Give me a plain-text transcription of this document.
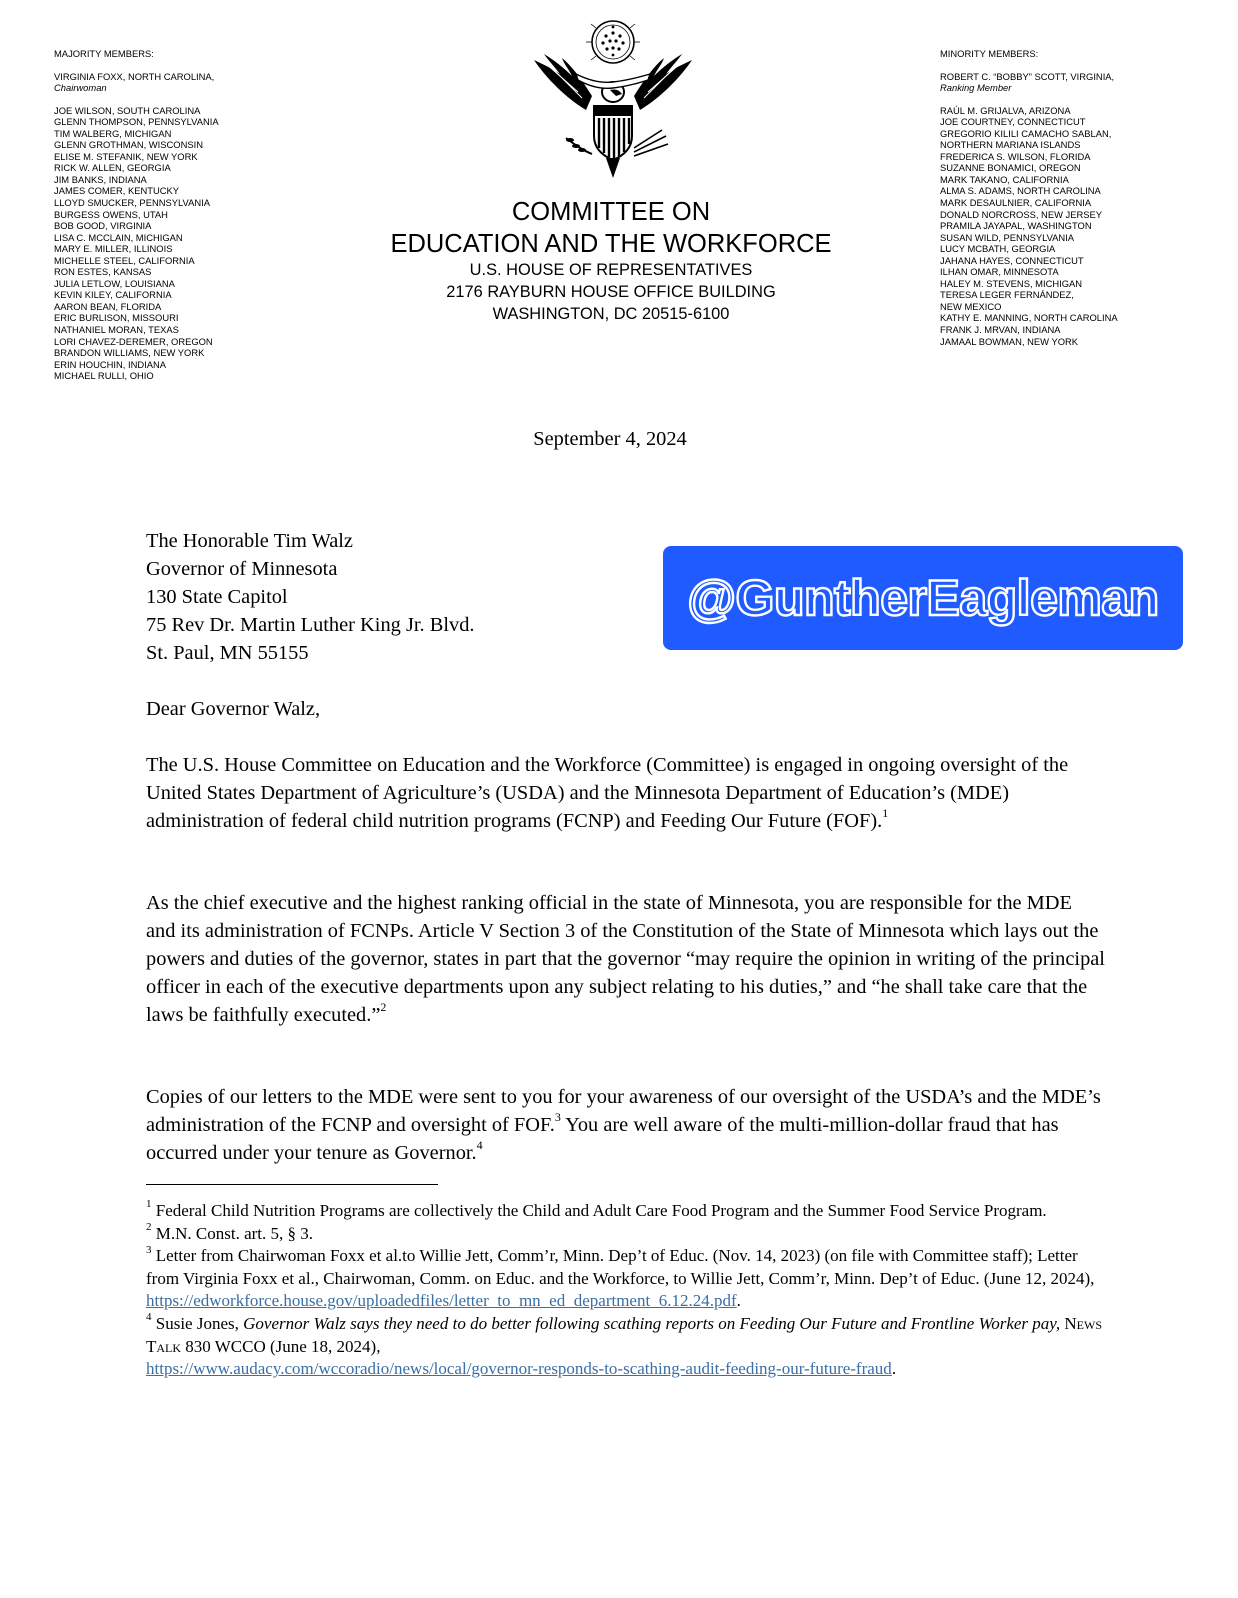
MAJORITY MEMBERS:
VIRGINIA FOXX, NORTH CAROLINA,
Chairwoman
JOE WILSON, SOUTH CAROLINA
GLENN THOMPSON, PENNSYLVANIA
TIM WALBERG, MICHIGAN
GLENN GROTHMAN, WISCONSIN
ELISE M. STEFANIK, NEW YORK
RICK W. ALLEN, GEORGIA
JIM BANKS, INDIANA
JAMES COMER, KENTUCKY
LLOYD SMUCKER, PENNSYLVANIA
BURGESS OWENS, UTAH
BOB GOOD, VIRGINIA
LISA C. MCCLAIN, MICHIGAN
MARY E. MILLER, ILLINOIS
MICHELLE STEEL, CALIFORNIA
RON ESTES, KANSAS
JULIA LETLOW, LOUISIANA
KEVIN KILEY, CALIFORNIA
AARON BEAN, FLORIDA
ERIC BURLISON, MISSOURI
NATHANIEL MORAN, TEXAS
LORI CHAVEZ-DEREMER, OREGON
BRANDON WILLIAMS, NEW YORK
ERIN HOUCHIN, INDIANA
MICHAEL RULLI, OHIO
MINORITY MEMBERS:
ROBERT C. “BOBBY” SCOTT, VIRGINIA,
Ranking Member
RAÚL M. GRIJALVA, ARIZONA
JOE COURTNEY, CONNECTICUT
GREGORIO KILILI CAMACHO SABLAN,
NORTHERN MARIANA ISLANDS
FREDERICA S. WILSON, FLORIDA
SUZANNE BONAMICI, OREGON
MARK TAKANO, CALIFORNIA
ALMA S. ADAMS, NORTH CAROLINA
MARK DESAULNIER, CALIFORNIA
DONALD NORCROSS, NEW JERSEY
PRAMILA JAYAPAL, WASHINGTON
SUSAN WILD, PENNSYLVANIA
LUCY MCBATH, GEORGIA
JAHANA HAYES, CONNECTICUT
ILHAN OMAR, MINNESOTA
HALEY M. STEVENS, MICHIGAN
TERESA LEGER FERNÁNDEZ,
NEW MEXICO
KATHY E. MANNING, NORTH CAROLINA
FRANK J. MRVAN, INDIANA
JAMAAL BOWMAN, NEW YORK
COMMITTEE ON
EDUCATION AND THE WORKFORCE
U.S. HOUSE OF REPRESENTATIVES
2176 RAYBURN HOUSE OFFICE BUILDING
WASHINGTON, DC 20515-6100
September 4, 2024
The Honorable Tim Walz
Governor of Minnesota
130 State Capitol
75 Rev Dr. Martin Luther King Jr. Blvd.
St. Paul, MN 55155
@GuntherEagleman
Dear Governor Walz,

The U.S. House Committee on Education and the Workforce (Committee) is engaged in ongoing oversight of the United States Department of Agriculture’s (USDA) and the Minnesota Department of Education’s (MDE) administration of federal child nutrition programs (FCNP) and Feeding Our Future (FOF).$^1$

As the chief executive and the highest ranking official in the state of Minnesota, you are responsible for the MDE and its administration of FCNPs. Article V Section 3 of the Constitution of the State of Minnesota which lays out the powers and duties of the governor, states in part that the governor “may require the opinion in writing of the principal officer in each of the executive departments upon any subject relating to his duties,” and “he shall take care that the laws be faithfully executed.”$^2$

Copies of our letters to the MDE were sent to you for your awareness of our oversight of the USDA’s and the MDE’s administration of the FCNP and oversight of FOF.$^3$ You are well aware of the multi-million-dollar fraud that has occurred under your tenure as Governor.$^4$

$^1$ Federal Child Nutrition Programs are collectively the Child and Adult Care Food Program and the Summer Food Service Program.

$^2$ M.N. Const. art. 5, § 3.

$^3$ Letter from Chairwoman Foxx et al.to Willie Jett, Comm’r, Minn. Dep’t of Educ. (Nov. 14, 2023) (on file with Committee staff); Letter from Virginia Foxx et al., Chairwoman, Comm. on Educ. and the Workforce, to Willie Jett, Comm’r, Minn. Dep’t of Educ. (June 12, 2024),
https://edworkforce.house.gov/uploadedfiles/letter_to_mn_ed_department_6.12.24.pdf.

$^4$ Susie Jones, Governor Walz says they need to do better following scathing reports on Feeding Our Future and Frontline Worker pay, News Talk 830 WCCO (June 18, 2024),
https://www.audacy.com/wccoradio/news/local/governor-responds-to-scathing-audit-feeding-our-future-fraud.
